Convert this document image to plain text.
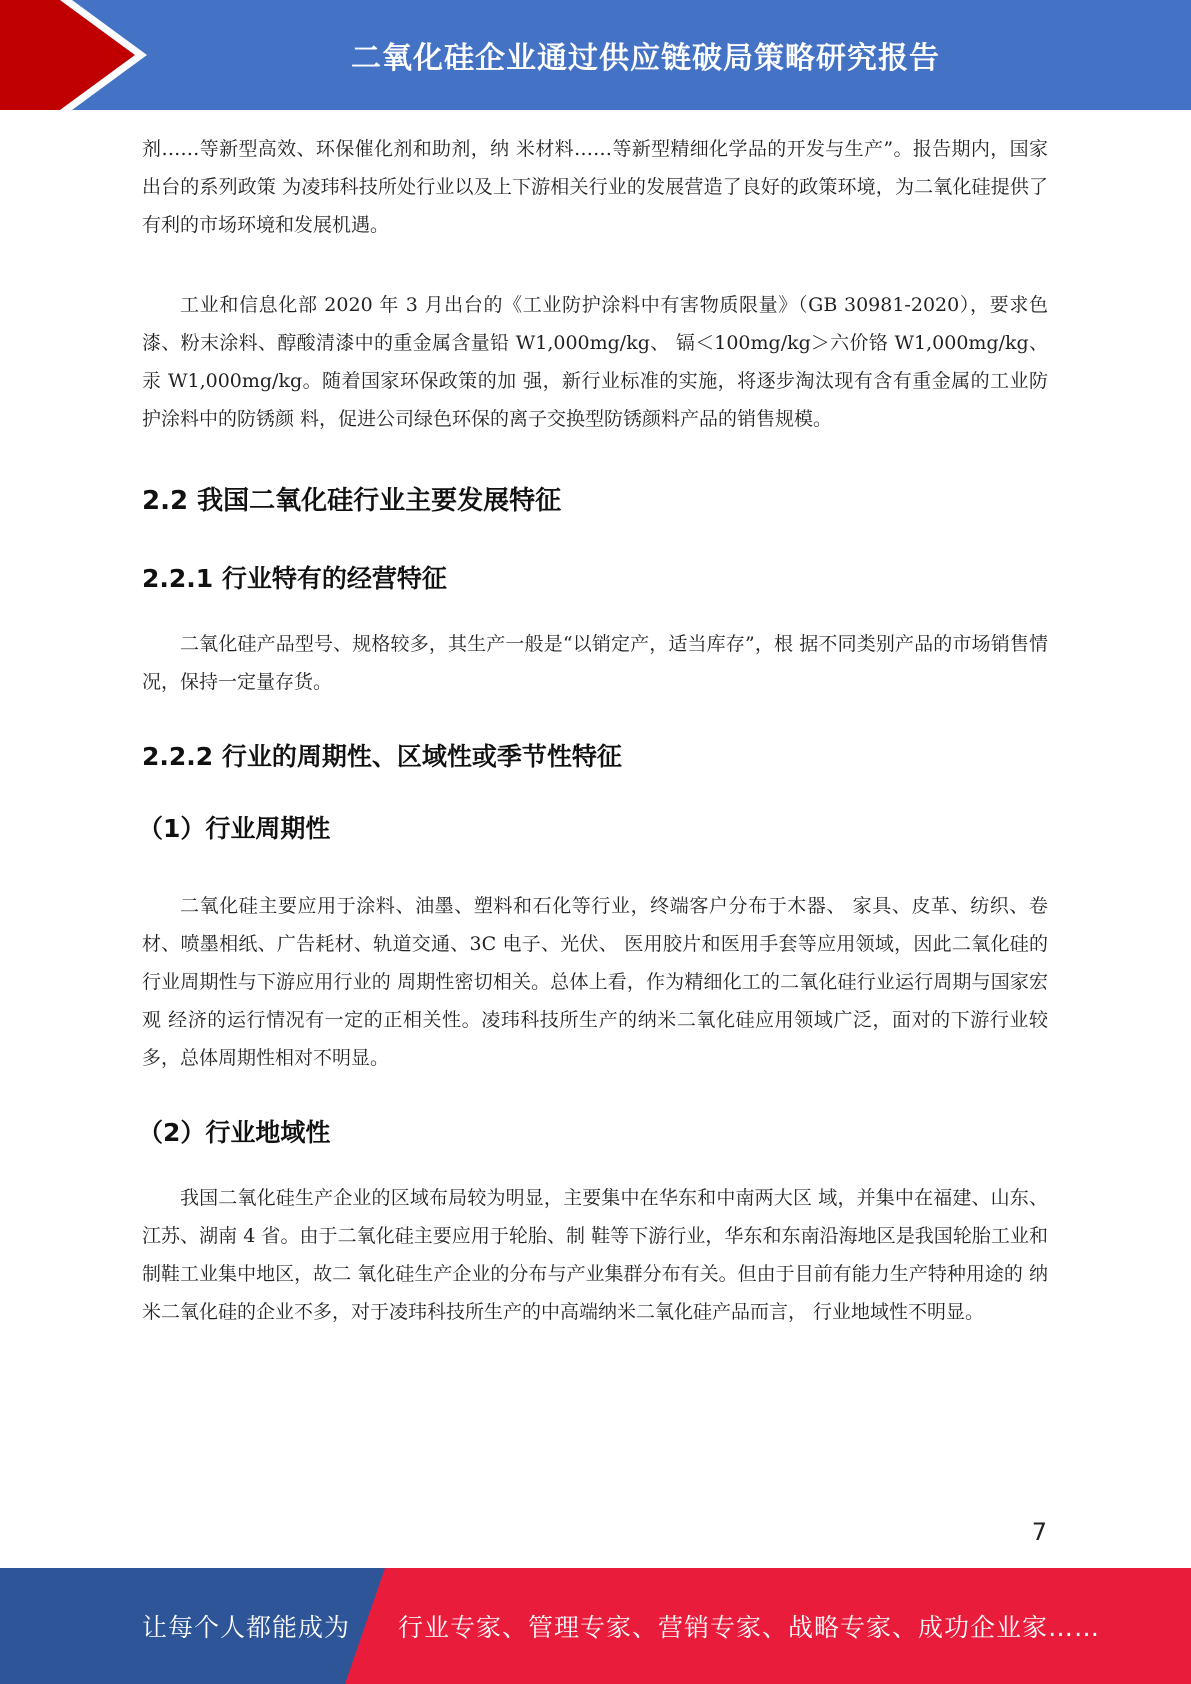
二氧化硅企业通过供应链破局策略研究报告

剂……等新型高效、环保催化剂和助剂，纳 米材料……等新型精细化学品的开发与生产”。报告期内，国家出台的系列政策 为凌玮科技所处行业以及上下游相关行业的发展营造了良好的政策环境，为二氧化硅提供了有利的市场环境和发展机遇。

工业和信息化部 2020 年 3 月出台的《工业防护涂料中有害物质限量》（GB 30981-2020），要求色漆、粉末涂料、醇酸清漆中的重金属含量铅 W1,000mg/kg、 镉＜100mg/kg＞六价铬 W1,000mg/kg、汞 W1,000mg/kg。随着国家环保政策的加 强，新行业标准的实施，将逐步淘汰现有含有重金属的工业防护涂料中的防锈颜 料，促进公司绿色环保的离子交换型防锈颜料产品的销售规模。

2.2 我国二氧化硅行业主要发展特征
2.2.1 行业特有的经营特征

二氧化硅产品型号、规格较多，其生产一般是“以销定产，适当库存”，根 据不同类别产品的市场销售情况，保持一定量存货。

2.2.2 行业的周期性、区域性或季节性特征
（1）行业周期性

二氧化硅主要应用于涂料、油墨、塑料和石化等行业，终端客户分布于木器、 家具、皮革、纺织、卷材、喷墨相纸、广告耗材、轨道交通、3C 电子、光伏、 医用胶片和医用手套等应用领域，因此二氧化硅的行业周期性与下游应用行业的 周期性密切相关。总体上看，作为精细化工的二氧化硅行业运行周期与国家宏观 经济的运行情况有一定的正相关性。凌玮科技所生产的纳米二氧化硅应用领域广泛，面对的下游行业较多，总体周期性相对不明显。

（2）行业地域性

我国二氧化硅生产企业的区域布局较为明显，主要集中在华东和中南两大区 域，并集中在福建、山东、江苏、湖南 4 省。由于二氧化硅主要应用于轮胎、制 鞋等下游行业，华东和东南沿海地区是我国轮胎工业和制鞋工业集中地区，故二 氧化硅生产企业的分布与产业集群分布有关。但由于目前有能力生产特种用途的 纳米二氧化硅的企业不多，对于凌玮科技所生产的中高端纳米二氧化硅产品而言， 行业地域性不明显。

7
让每个人都能成为 行业专家、管理专家、营销专家、战略专家、成功企业家……
